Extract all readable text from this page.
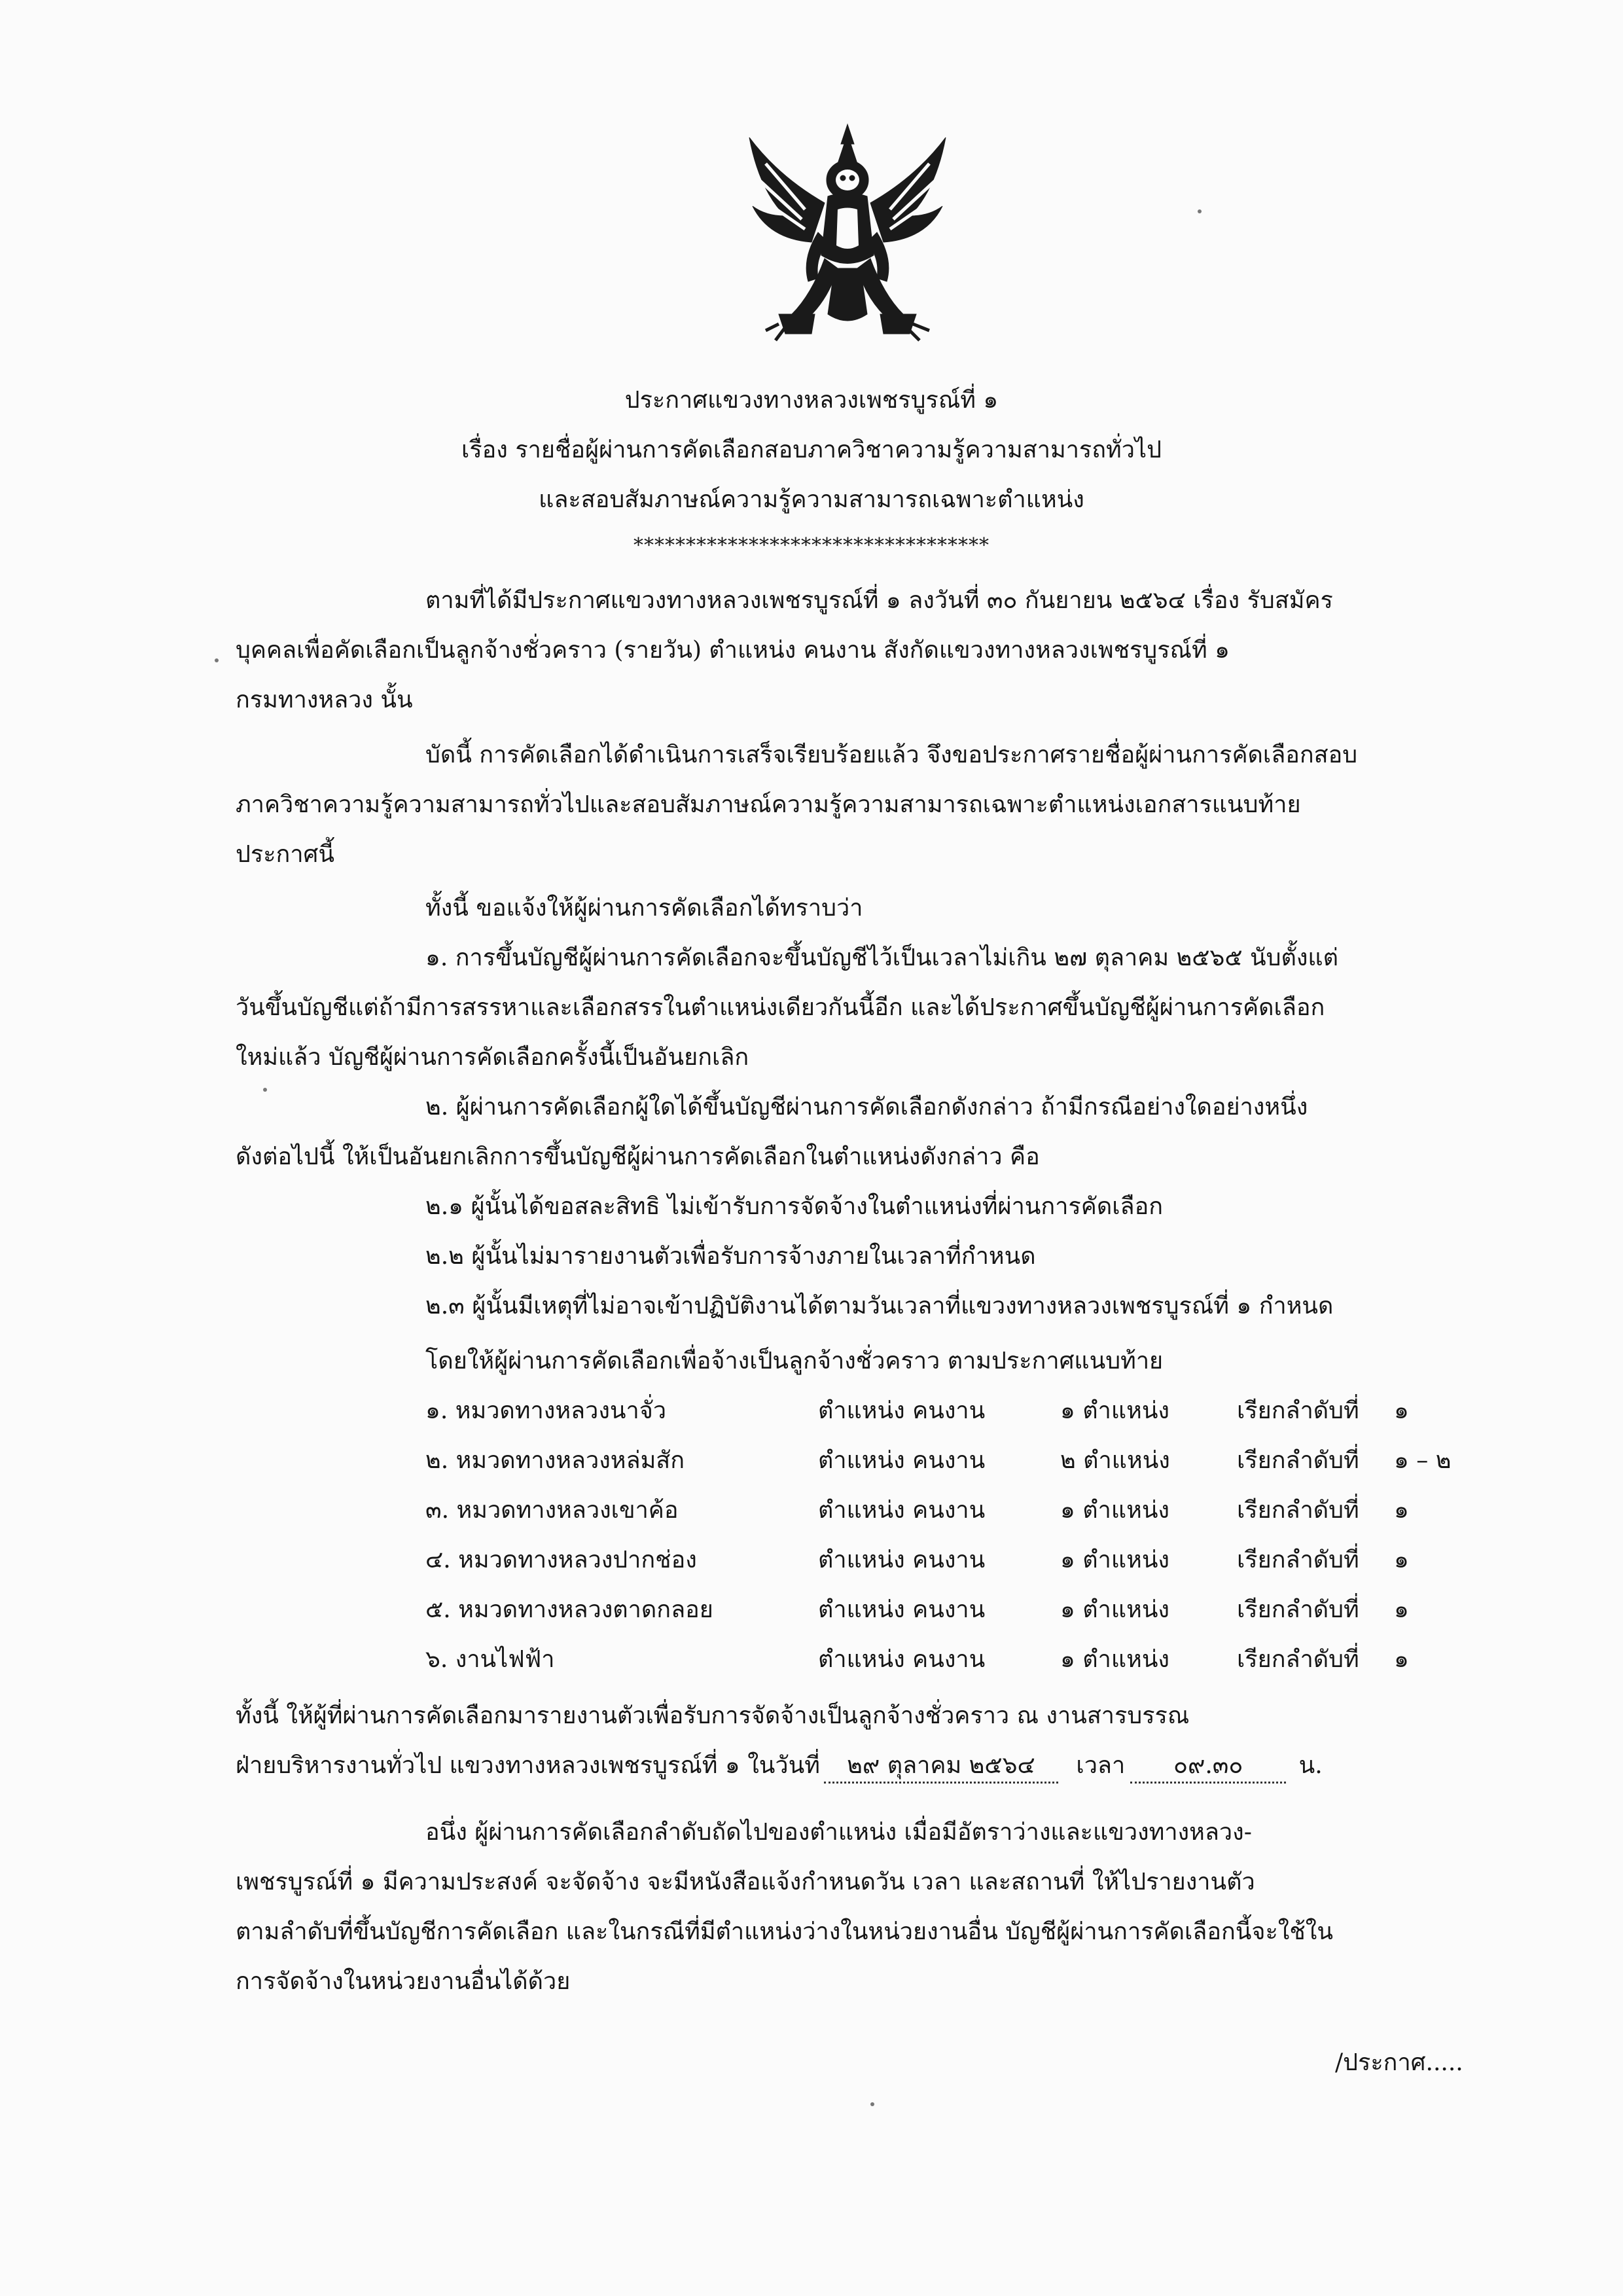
ประกาศแขวงทางหลวงเพชรบูรณ์ที่ ๑
เรื่อง รายชื่อผู้ผ่านการคัดเลือกสอบภาควิชาความรู้ความสามารถทั่วไป
และสอบสัมภาษณ์ความรู้ความสามารถเฉพาะตำแหน่ง
**********************************
ตามที่ได้มีประกาศแขวงทางหลวงเพชรบูรณ์ที่ ๑ ลงวันที่ ๓๐ กันยายน ๒๕๖๔ เรื่อง รับสมัคร
บุคคลเพื่อคัดเลือกเป็นลูกจ้างชั่วคราว (รายวัน) ตำแหน่ง คนงาน สังกัดแขวงทางหลวงเพชรบูรณ์ที่ ๑
กรมทางหลวง นั้น
บัดนี้ การคัดเลือกได้ดำเนินการเสร็จเรียบร้อยแล้ว จึงขอประกาศรายชื่อผู้ผ่านการคัดเลือกสอบ
ภาควิชาความรู้ความสามารถทั่วไปและสอบสัมภาษณ์ความรู้ความสามารถเฉพาะตำแหน่งเอกสารแนบท้าย
ประกาศนี้
ทั้งนี้ ขอแจ้งให้ผู้ผ่านการคัดเลือกได้ทราบว่า
๑. การขึ้นบัญชีผู้ผ่านการคัดเลือกจะขึ้นบัญชีไว้เป็นเวลาไม่เกิน ๒๗ ตุลาคม ๒๕๖๕ นับตั้งแต่
วันขึ้นบัญชีแต่ถ้ามีการสรรหาและเลือกสรรในตำแหน่งเดียวกันนี้อีก และได้ประกาศขึ้นบัญชีผู้ผ่านการคัดเลือก
ใหม่แล้ว บัญชีผู้ผ่านการคัดเลือกครั้งนี้เป็นอันยกเลิก
๒. ผู้ผ่านการคัดเลือกผู้ใดได้ขึ้นบัญชีผ่านการคัดเลือกดังกล่าว ถ้ามีกรณีอย่างใดอย่างหนึ่ง
ดังต่อไปนี้ ให้เป็นอันยกเลิกการขึ้นบัญชีผู้ผ่านการคัดเลือกในตำแหน่งดังกล่าว คือ
๒.๑ ผู้นั้นได้ขอสละสิทธิ ไม่เข้ารับการจัดจ้างในตำแหน่งที่ผ่านการคัดเลือก
๒.๒ ผู้นั้นไม่มารายงานตัวเพื่อรับการจ้างภายในเวลาที่กำหนด
๒.๓ ผู้นั้นมีเหตุที่ไม่อาจเข้าปฏิบัติงานได้ตามวันเวลาที่แขวงทางหลวงเพชรบูรณ์ที่ ๑ กำหนด
โดยให้ผู้ผ่านการคัดเลือกเพื่อจ้างเป็นลูกจ้างชั่วคราว ตามประกาศแนบท้าย
๑. หมวดทางหลวงนาจั่ว	ตำแหน่ง คนงาน	๑ ตำแหน่ง	เรียกลำดับที่ ๑
๒. หมวดทางหลวงหล่มสัก	ตำแหน่ง คนงาน	๒ ตำแหน่ง	เรียกลำดับที่ ๑ – ๒
๓. หมวดทางหลวงเขาค้อ	ตำแหน่ง คนงาน	๑ ตำแหน่ง	เรียกลำดับที่ ๑
๔. หมวดทางหลวงปากช่อง	ตำแหน่ง คนงาน	๑ ตำแหน่ง	เรียกลำดับที่ ๑
๕. หมวดทางหลวงตาดกลอย	ตำแหน่ง คนงาน	๑ ตำแหน่ง	เรียกลำดับที่ ๑
๖. งานไฟฟ้า	ตำแหน่ง คนงาน	๑ ตำแหน่ง	เรียกลำดับที่ ๑
ทั้งนี้ ให้ผู้ที่ผ่านการคัดเลือกมารายงานตัวเพื่อรับการจัดจ้างเป็นลูกจ้างชั่วคราว ณ งานสารบรรณ
ฝ่ายบริหารงานทั่วไป แขวงทางหลวงเพชรบูรณ์ที่ ๑ ในวันที่ ๒๙ ตุลาคม ๒๕๖๔ เวลา ๐๙.๓๐ น.
อนึ่ง ผู้ผ่านการคัดเลือกลำดับถัดไปของตำแหน่ง เมื่อมีอัตราว่างและแขวงทางหลวง-
เพชรบูรณ์ที่ ๑ มีความประสงค์ จะจัดจ้าง จะมีหนังสือแจ้งกำหนดวัน เวลา และสถานที่ ให้ไปรายงานตัว
ตามลำดับที่ขึ้นบัญชีการคัดเลือก และในกรณีที่มีตำแหน่งว่างในหน่วยงานอื่น บัญชีผู้ผ่านการคัดเลือกนี้จะใช้ใน
การจัดจ้างในหน่วยงานอื่นได้ด้วย
/ประกาศ.....
